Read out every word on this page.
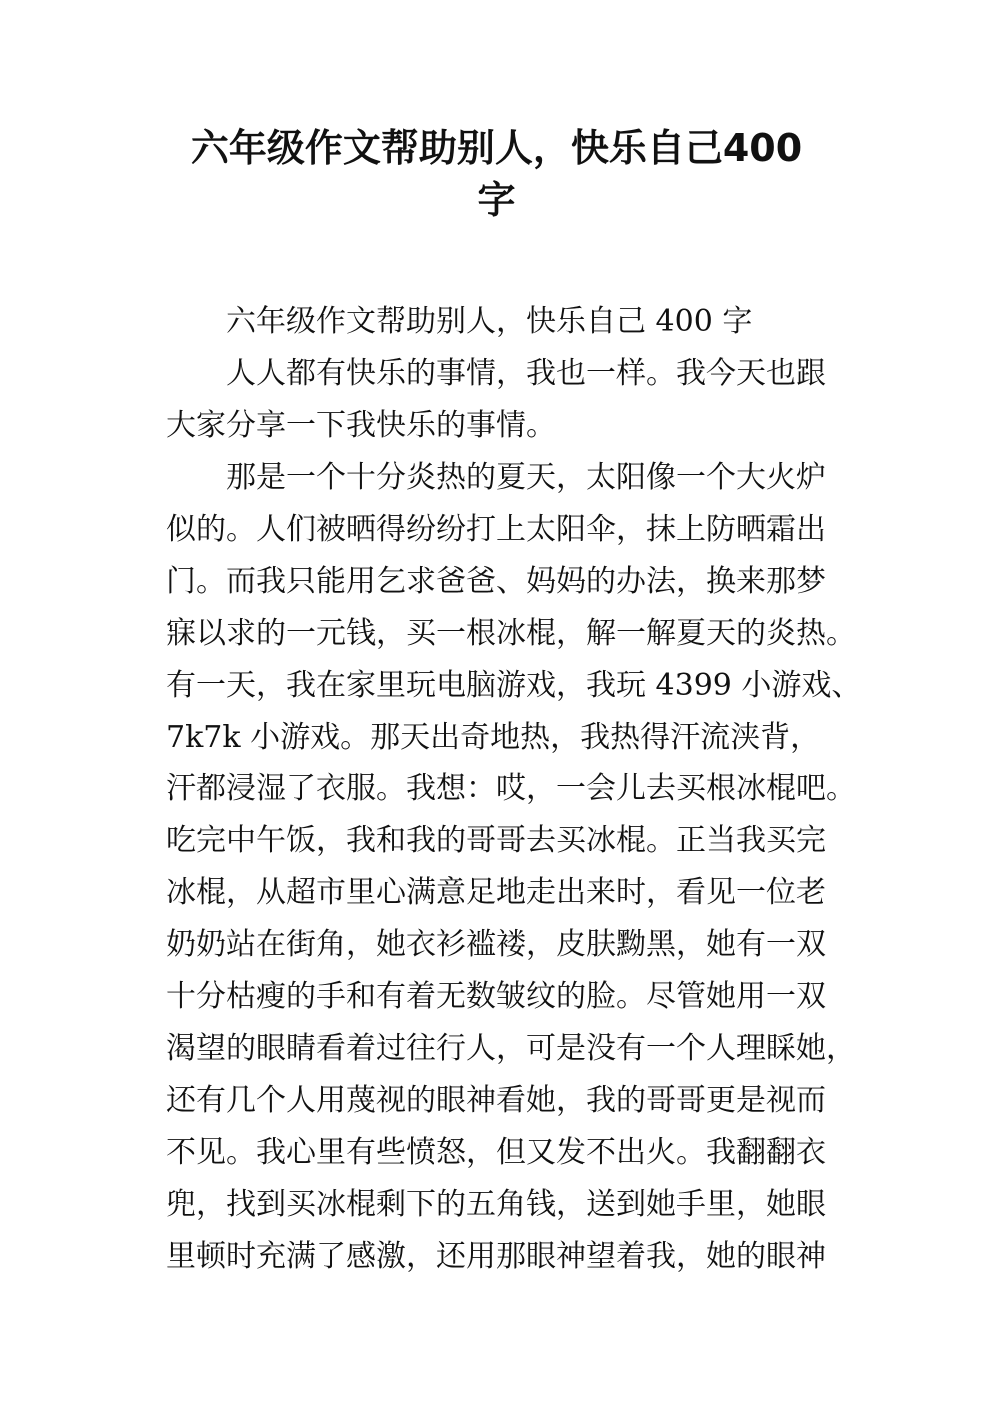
六年级作文帮助别人，快乐自己400
字
六年级作文帮助别人，快乐自己 400 字
人人都有快乐的事情，我也一样。我今天也跟
大家分享一下我快乐的事情。
那是一个十分炎热的夏天，太阳像一个大火炉
似的。人们被晒得纷纷打上太阳伞，抹上防晒霜出
门。而我只能用乞求爸爸、妈妈的办法，换来那梦
寐以求的一元钱，买一根冰棍，解一解夏天的炎热。
有一天，我在家里玩电脑游戏，我玩 4399 小游戏、
7k7k 小游戏。那天出奇地热，我热得汗流浃背，
汗都浸湿了衣服。我想：哎，一会儿去买根冰棍吧。
吃完中午饭，我和我的哥哥去买冰棍。正当我买完
冰棍，从超市里心满意足地走出来时，看见一位老
奶奶站在街角，她衣衫褴褛，皮肤黝黑，她有一双
十分枯瘦的手和有着无数皱纹的脸。尽管她用一双
渴望的眼睛看着过往行人，可是没有一个人理睬她，
还有几个人用蔑视的眼神看她，我的哥哥更是视而
不见。我心里有些愤怒，但又发不出火。我翻翻衣
兜，找到买冰棍剩下的五角钱，送到她手里，她眼
里顿时充满了感激，还用那眼神望着我，她的眼神
